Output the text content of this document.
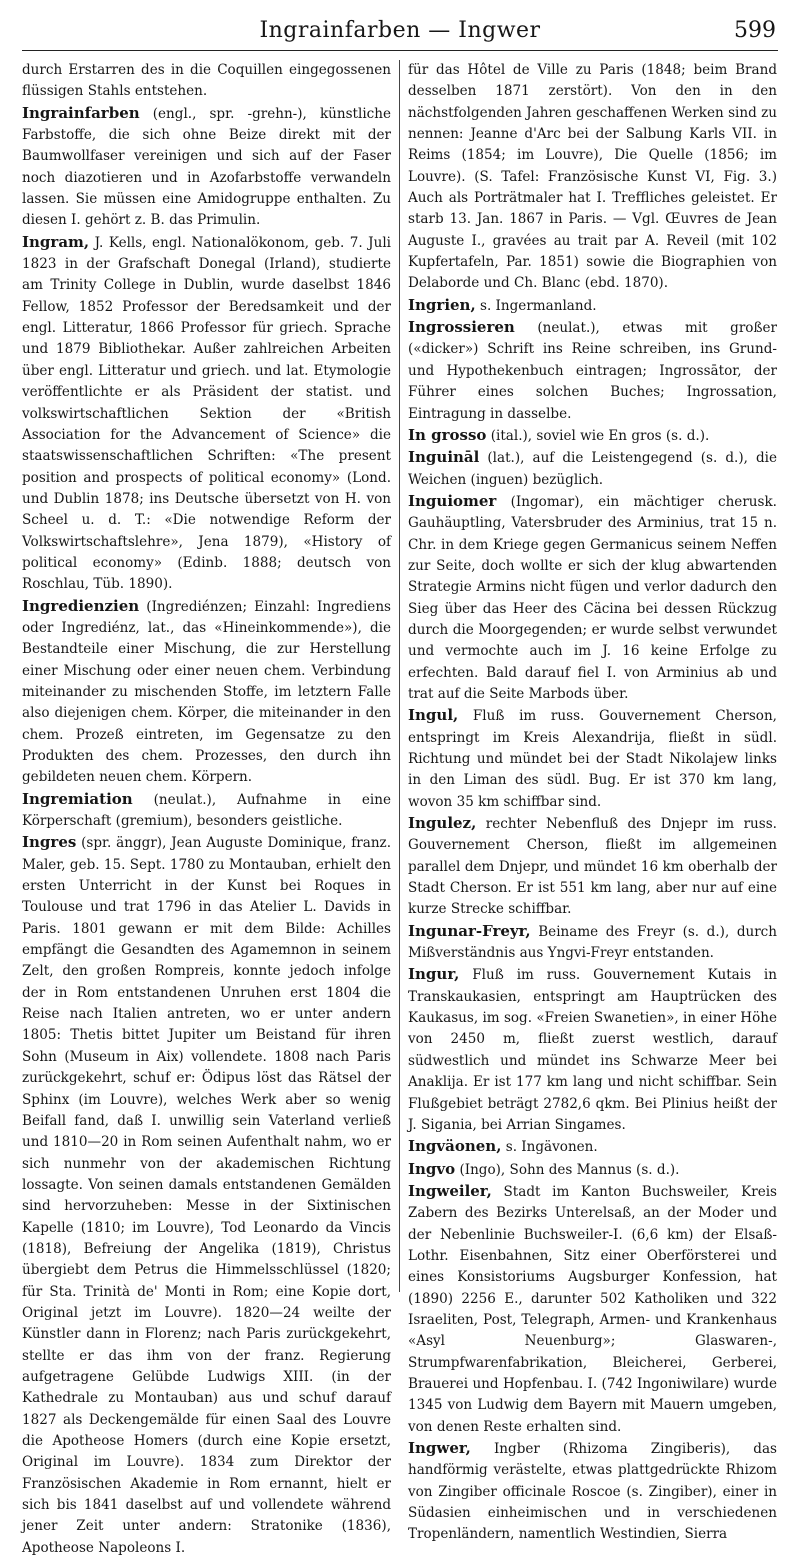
Ingrainfarben — Ingwer	599

durch Erstarren des in die Coquillen eingegossenen flüssigen Stahls entstehen.

Ingrainfarben (engl., spr. -grehn-), künstliche Farbstoffe, die sich ohne Beize direkt mit der Baumwollfaser vereinigen und sich auf der Faser noch diazotieren und in Azofarbstoffe verwandeln lassen. Sie müssen eine Amidogruppe enthalten. Zu diesen I. gehört z. B. das Primulin.

Ingram, J. Kells, engl. Nationalökonom, geb. 7. Juli 1823 in der Grafschaft Donegal (Irland), studierte am Trinity College in Dublin, wurde daselbst 1846 Fellow, 1852 Professor der Beredsamkeit und der engl. Litteratur, 1866 Professor für griech. Sprache und 1879 Bibliothekar. Außer zahlreichen Arbeiten über engl. Litteratur und griech. und lat. Etymologie veröffentlichte er als Präsident der statist. und volkswirtschaftlichen Sektion der «British Association for the Advancement of Science» die staatswissenschaftlichen Schriften: «The present position and prospects of political economy» (Lond. und Dublin 1878; ins Deutsche übersetzt von H. von Scheel u. d. T.: «Die notwendige Reform der Volkswirtschaftslehre», Jena 1879), «History of political economy» (Edinb. 1888; deutsch von Roschlau, Tüb. 1890).

Ingredienzien (Ingrediénzen; Einzahl: Ingrediens oder Ingrediénz, lat., das «Hineinkommende»), die Bestandteile einer Mischung, die zur Herstellung einer Mischung oder einer neuen chem. Verbindung miteinander zu mischenden Stoffe, im letztern Falle also diejenigen chem. Körper, die miteinander in den chem. Prozeß eintreten, im Gegensatze zu den Produkten des chem. Prozesses, den durch ihn gebildeten neuen chem. Körpern.

Ingremiation (neulat.), Aufnahme in eine Körperschaft (gremium), besonders geistliche.

Ingres (spr. änggr), Jean Auguste Dominique, franz. Maler, geb. 15. Sept. 1780 zu Montauban, erhielt den ersten Unterricht in der Kunst bei Roques in Toulouse und trat 1796 in das Atelier L. Davids in Paris. 1801 gewann er mit dem Bilde: Achilles empfängt die Gesandten des Agamemnon in seinem Zelt, den großen Rompreis, konnte jedoch infolge der in Rom entstandenen Unruhen erst 1804 die Reise nach Italien antreten, wo er unter andern 1805: Thetis bittet Jupiter um Beistand für ihren Sohn (Museum in Aix) vollendete. 1808 nach Paris zurückgekehrt, schuf er: Ödipus löst das Rätsel der Sphinx (im Louvre), welches Werk aber so wenig Beifall fand, daß I. unwillig sein Vaterland verließ und 1810—20 in Rom seinen Aufenthalt nahm, wo er sich nunmehr von der akademischen Richtung lossagte. Von seinen damals entstandenen Gemälden sind hervorzuheben: Messe in der Sixtinischen Kapelle (1810; im Louvre), Tod Leonardo da Vincis (1818), Befreiung der Angelika (1819), Christus übergiebt dem Petrus die Himmelsschlüssel (1820; für Sta. Trinità de' Monti in Rom; eine Kopie dort, Original jetzt im Louvre). 1820—24 weilte der Künstler dann in Florenz; nach Paris zurückgekehrt, stellte er das ihm von der franz. Regierung aufgetragene Gelübde Ludwigs XIII. (in der Kathedrale zu Montauban) aus und schuf darauf 1827 als Deckengemälde für einen Saal des Louvre die Apotheose Homers (durch eine Kopie ersetzt, Original im Louvre). 1834 zum Direktor der Französischen Akademie in Rom ernannt, hielt er sich bis 1841 daselbst auf und vollendete während jener Zeit unter andern: Stratonike (1836), Apotheose Napoleons I.

für das Hôtel de Ville zu Paris (1848; beim Brand desselben 1871 zerstört). Von den in den nächstfolgenden Jahren geschaffenen Werken sind zu nennen: Jeanne d'Arc bei der Salbung Karls VII. in Reims (1854; im Louvre), Die Quelle (1856; im Louvre). (S. Tafel: Französische Kunst VI, Fig. 3.) Auch als Porträtmaler hat I. Treffliches geleistet. Er starb 13. Jan. 1867 in Paris. — Vgl. Œuvres de Jean Auguste I., gravées au trait par A. Reveil (mit 102 Kupfertafeln, Par. 1851) sowie die Biographien von Delaborde und Ch. Blanc (ebd. 1870).

Ingrien, s. Ingermanland.

Ingrossieren (neulat.), etwas mit großer («dicker») Schrift ins Reine schreiben, ins Grund- und Hypothekenbuch eintragen; Ingrossātor, der Führer eines solchen Buches; Ingrossation, Eintragung in dasselbe.

In grosso (ital.), soviel wie En gros (s. d.).

Inguināl (lat.), auf die Leistengegend (s. d.), die Weichen (inguen) bezüglich.

Inguiomer (Ingomar), ein mächtiger cherusk. Gauhäuptling, Vatersbruder des Arminius, trat 15 n. Chr. in dem Kriege gegen Germanicus seinem Neffen zur Seite, doch wollte er sich der klug abwartenden Strategie Armins nicht fügen und verlor dadurch den Sieg über das Heer des Cäcina bei dessen Rückzug durch die Moorgegenden; er wurde selbst verwundet und vermochte auch im J. 16 keine Erfolge zu erfechten. Bald darauf fiel I. von Arminius ab und trat auf die Seite Marbods über.

Ingul, Fluß im russ. Gouvernement Cherson, entspringt im Kreis Alexandrija, fließt in südl. Richtung und mündet bei der Stadt Nikolajew links in den Liman des südl. Bug. Er ist 370 km lang, wovon 35 km schiffbar sind.

Ingulez, rechter Nebenfluß des Dnjepr im russ. Gouvernement Cherson, fließt im allgemeinen parallel dem Dnjepr, und mündet 16 km oberhalb der Stadt Cherson. Er ist 551 km lang, aber nur auf eine kurze Strecke schiffbar.

Ingunar-Freyr, Beiname des Freyr (s. d.), durch Mißverständnis aus Yngvi-Freyr entstanden.

Ingur, Fluß im russ. Gouvernement Kutais in Transkaukasien, entspringt am Hauptrücken des Kaukasus, im sog. «Freien Swanetien», in einer Höhe von 2450 m, fließt zuerst westlich, darauf südwestlich und mündet ins Schwarze Meer bei Anaklija. Er ist 177 km lang und nicht schiffbar. Sein Flußgebiet beträgt 2782,6 qkm. Bei Plinius heißt der J. Sigania, bei Arrian Singames.

Ingväonen, s. Ingävonen.

Ingvo (Ingo), Sohn des Mannus (s. d.).

Ingweiler, Stadt im Kanton Buchsweiler, Kreis Zabern des Bezirks Unterelsaß, an der Moder und der Nebenlinie Buchsweiler-I. (6,6 km) der Elsaß-Lothr. Eisenbahnen, Sitz einer Oberförsterei und eines Konsistoriums Augsburger Konfession, hat (1890) 2256 E., darunter 502 Katholiken und 322 Israeliten, Post, Telegraph, Armen- und Krankenhaus «Asyl Neuenburg»; Glaswaren-, Strumpfwarenfabrikation, Bleicherei, Gerberei, Brauerei und Hopfenbau. I. (742 Ingoniwilare) wurde 1345 von Ludwig dem Bayern mit Mauern umgeben, von denen Reste erhalten sind.

Ingwer, Ingber (Rhizoma Zingiberis), das handförmig verästelte, etwas plattgedrückte Rhizom von Zingiber officinale Roscoe (s. Zingiber), einer in Südasien einheimischen und in verschiedenen Tropenländern, namentlich Westindien, Sierra
